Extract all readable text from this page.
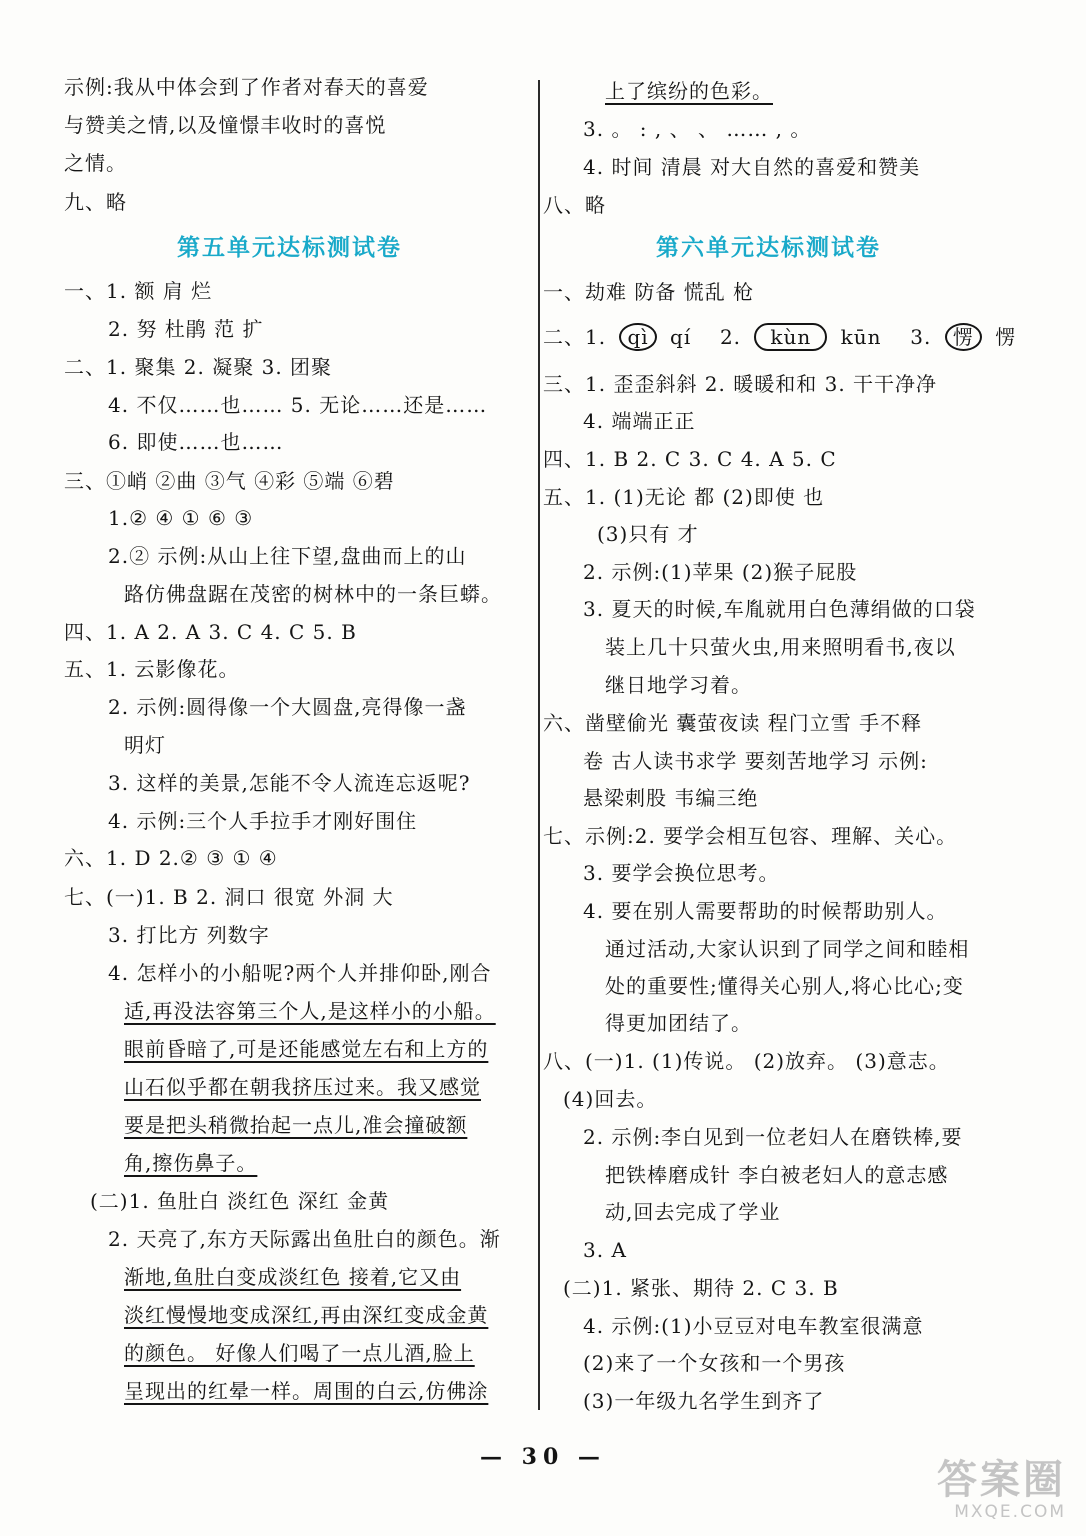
示例:我从中体会到了作者对春天的喜爱
与赞美之情,以及憧憬丰收时的喜悦
之情。
九、略
第五单元达标测试卷
一、1. 额 肩 烂
2. 努 杜鹃 范 扩
二、1. 聚集 2. 凝聚 3. 团聚
4. 不仅……也…… 5. 无论……还是……
6. 即使……也……
三、①峭 ②曲 ③气 ④彩 ⑤端 ⑥碧
1.② ④ ① ⑥ ③
2.② 示例:从山上往下望,盘曲而上的山
路仿佛盘踞在茂密的树林中的一条巨蟒。
四、1. A 2. A 3. C 4. C 5. B
五、1. 云影像花。
2. 示例:圆得像一个大圆盘,亮得像一盏
明灯
3. 这样的美景,怎能不令人流连忘返呢?
4. 示例:三个人手拉手才刚好围住
六、1. D 2.② ③ ① ④
七、(一)1. B 2. 洞口 很宽 外洞 大
3. 打比方 列数字
4. 怎样小的小船呢?两个人并排仰卧,刚合
适,再没法容第三个人,是这样小的小船。
眼前昏暗了,可是还能感觉左右和上方的
山石似乎都在朝我挤压过来。我又感觉
要是把头稍微抬起一点儿,准会撞破额
角,擦伤鼻子。
(二)1. 鱼肚白 淡红色 深红 金黄
2. 天亮了,东方天际露出鱼肚白的颜色。渐
渐地,鱼肚白变成淡红色 接着,它又由
淡红慢慢地变成深红,再由深红变成金黄
的颜色。 好像人们喝了一点儿酒,脸上
呈现出的红晕一样。周围的白云,仿佛涂
上了缤纷的色彩。
3. 。 : , 、 、 …… , 。
4. 时间 清晨 对大自然的喜爱和赞美
八、略
第六单元达标测试卷
一、劫难 防备 慌乱 枪
二、1. qì qí 2. kùn kūn 3. 愣 愣
三、1. 歪歪斜斜 2. 暖暖和和 3. 干干净净
4. 端端正正
四、1. B 2. C 3. C 4. A 5. C
五、1. (1)无论 都 (2)即使 也
(3)只有 才
2. 示例:(1)苹果 (2)猴子屁股
3. 夏天的时候,车胤就用白色薄绢做的口袋
装上几十只萤火虫,用来照明看书,夜以
继日地学习着。
六、凿壁偷光 囊萤夜读 程门立雪 手不释
卷 古人读书求学 要刻苦地学习 示例:
悬梁刺股 韦编三绝
七、示例:2. 要学会相互包容、理解、关心。
3. 要学会换位思考。
4. 要在别人需要帮助的时候帮助别人。
通过活动,大家认识到了同学之间和睦相
处的重要性;懂得关心别人,将心比心;变
得更加团结了。
八、(一)1. (1)传说。 (2)放弃。 (3)意志。
(4)回去。
2. 示例:李白见到一位老妇人在磨铁棒,要
把铁棒磨成针 李白被老妇人的意志感
动,回去完成了学业
3. A
(二)1. 紧张、期待 2. C 3. B
4. 示例:(1)小豆豆对电车教室很满意
(2)来了一个女孩和一个男孩
(3)一年级九名学生到齐了
— 30 —	答案圈
MXQE.COM
